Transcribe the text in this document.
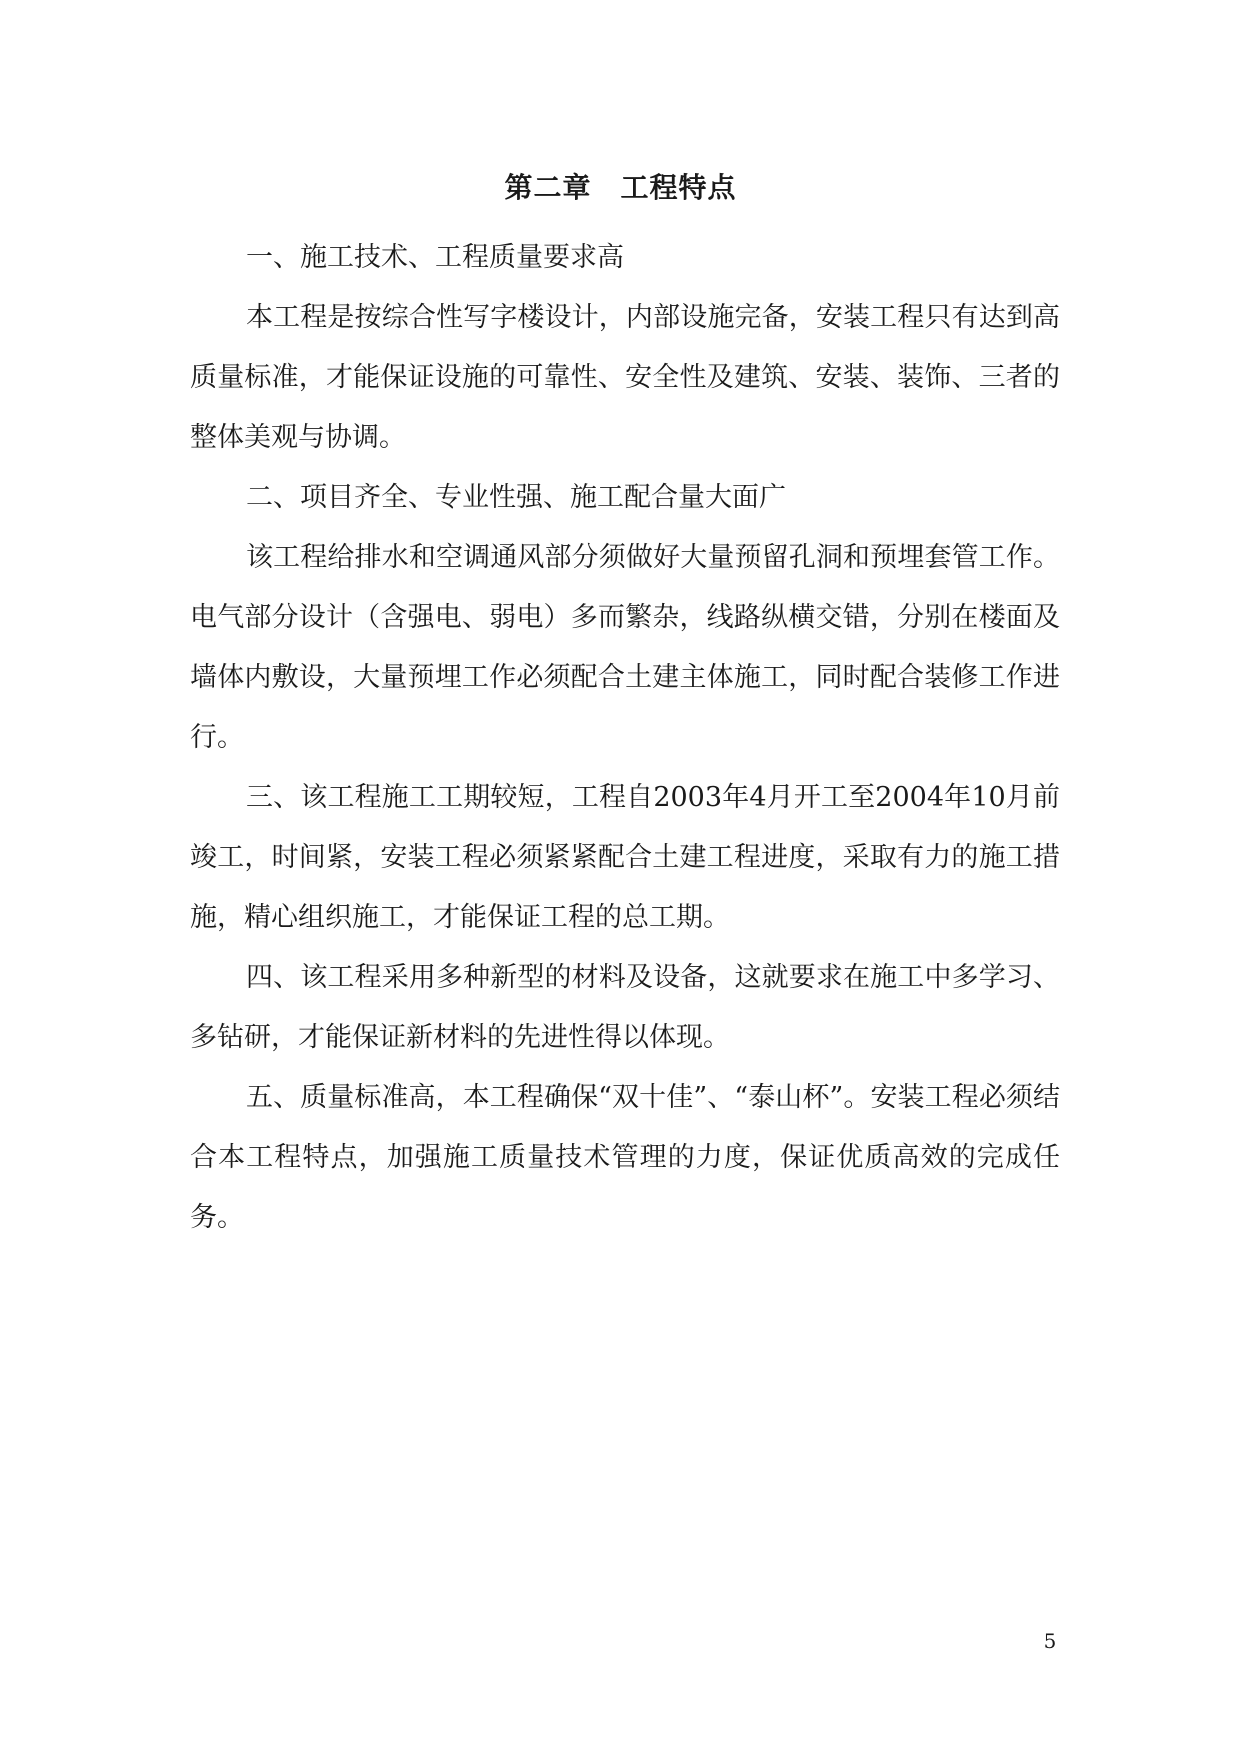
第二章　工程特点

一、施工技术、工程质量要求高

本工程是按综合性写字楼设计，内部设施完备，安装工程只有达到高质量标准，才能保证设施的可靠性、安全性及建筑、安装、装饰、三者的整体美观与协调。

二、项目齐全、专业性强、施工配合量大面广

该工程给排水和空调通风部分须做好大量预留孔洞和预埋套管工作。电气部分设计（含强电、弱电）多而繁杂，线路纵横交错，分别在楼面及墙体内敷设，大量预埋工作必须配合土建主体施工，同时配合装修工作进行。

三、该工程施工工期较短，工程自2003年4月开工至2004年10月前竣工，时间紧，安装工程必须紧紧配合土建工程进度，采取有力的施工措施，精心组织施工，才能保证工程的总工期。

四、该工程采用多种新型的材料及设备，这就要求在施工中多学习、多钻研，才能保证新材料的先进性得以体现。

五、质量标准高，本工程确保“双十佳”、“泰山杯”。安装工程必须结合本工程特点，加强施工质量技术管理的力度，保证优质高效的完成任务。

5
